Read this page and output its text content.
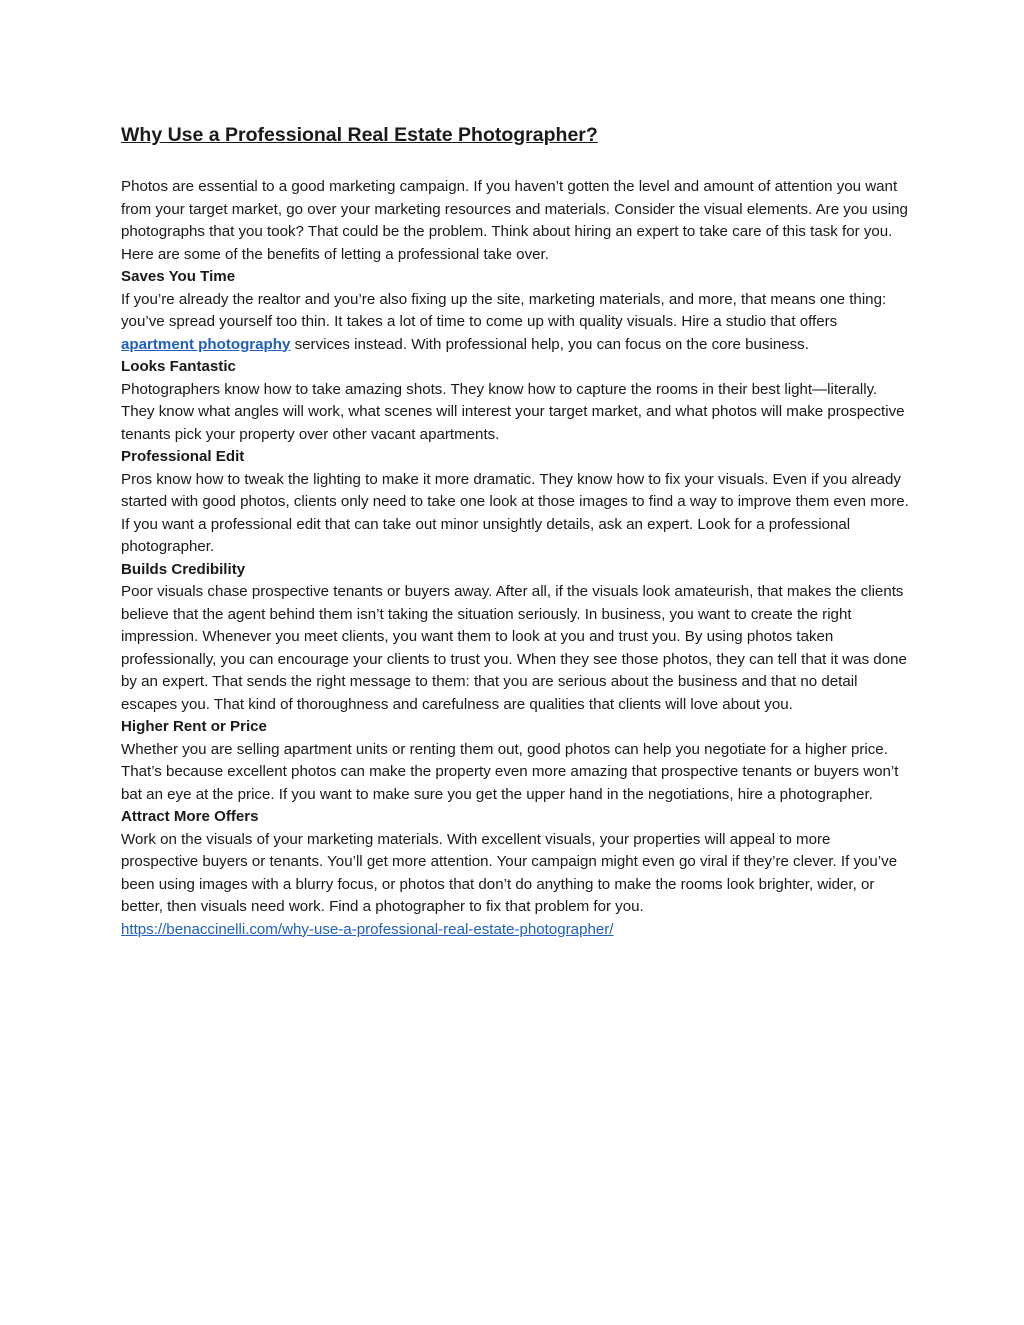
Why Use a Professional Real Estate Photographer?

Photos are essential to a good marketing campaign. If you haven’t gotten the level and amount of attention you want from your target market, go over your marketing resources and materials. Consider the visual elements. Are you using photographs that you took? That could be the problem. Think about hiring an expert to take care of this task for you. Here are some of the benefits of letting a professional take over.

Saves You Time

If you’re already the realtor and you’re also fixing up the site, marketing materials, and more, that means one thing: you’ve spread yourself too thin. It takes a lot of time to come up with quality visuals. Hire a studio that offers apartment photography services instead. With professional help, you can focus on the core business.

Looks Fantastic

Photographers know how to take amazing shots. They know how to capture the rooms in their best light—literally. They know what angles will work, what scenes will interest your target market, and what photos will make prospective tenants pick your property over other vacant apartments.

Professional Edit

Pros know how to tweak the lighting to make it more dramatic. They know how to fix your visuals. Even if you already started with good photos, clients only need to take one look at those images to find a way to improve them even more. If you want a professional edit that can take out minor unsightly details, ask an expert. Look for a professional photographer.

Builds Credibility

Poor visuals chase prospective tenants or buyers away. After all, if the visuals look amateurish, that makes the clients believe that the agent behind them isn’t taking the situation seriously. In business, you want to create the right impression. Whenever you meet clients, you want them to look at you and trust you. By using photos taken professionally, you can encourage your clients to trust you. When they see those photos, they can tell that it was done by an expert. That sends the right message to them: that you are serious about the business and that no detail escapes you. That kind of thoroughness and carefulness are qualities that clients will love about you.

Higher Rent or Price

Whether you are selling apartment units or renting them out, good photos can help you negotiate for a higher price. That’s because excellent photos can make the property even more amazing that prospective tenants or buyers won’t bat an eye at the price. If you want to make sure you get the upper hand in the negotiations, hire a photographer.

Attract More Offers

Work on the visuals of your marketing materials. With excellent visuals, your properties will appeal to more prospective buyers or tenants. You’ll get more attention. Your campaign might even go viral if they’re clever. If you’ve been using images with a blurry focus, or photos that don’t do anything to make the rooms look brighter, wider, or better, then visuals need work. Find a photographer to fix that problem for you.

https://benaccinelli.com/why-use-a-professional-real-estate-photographer/
